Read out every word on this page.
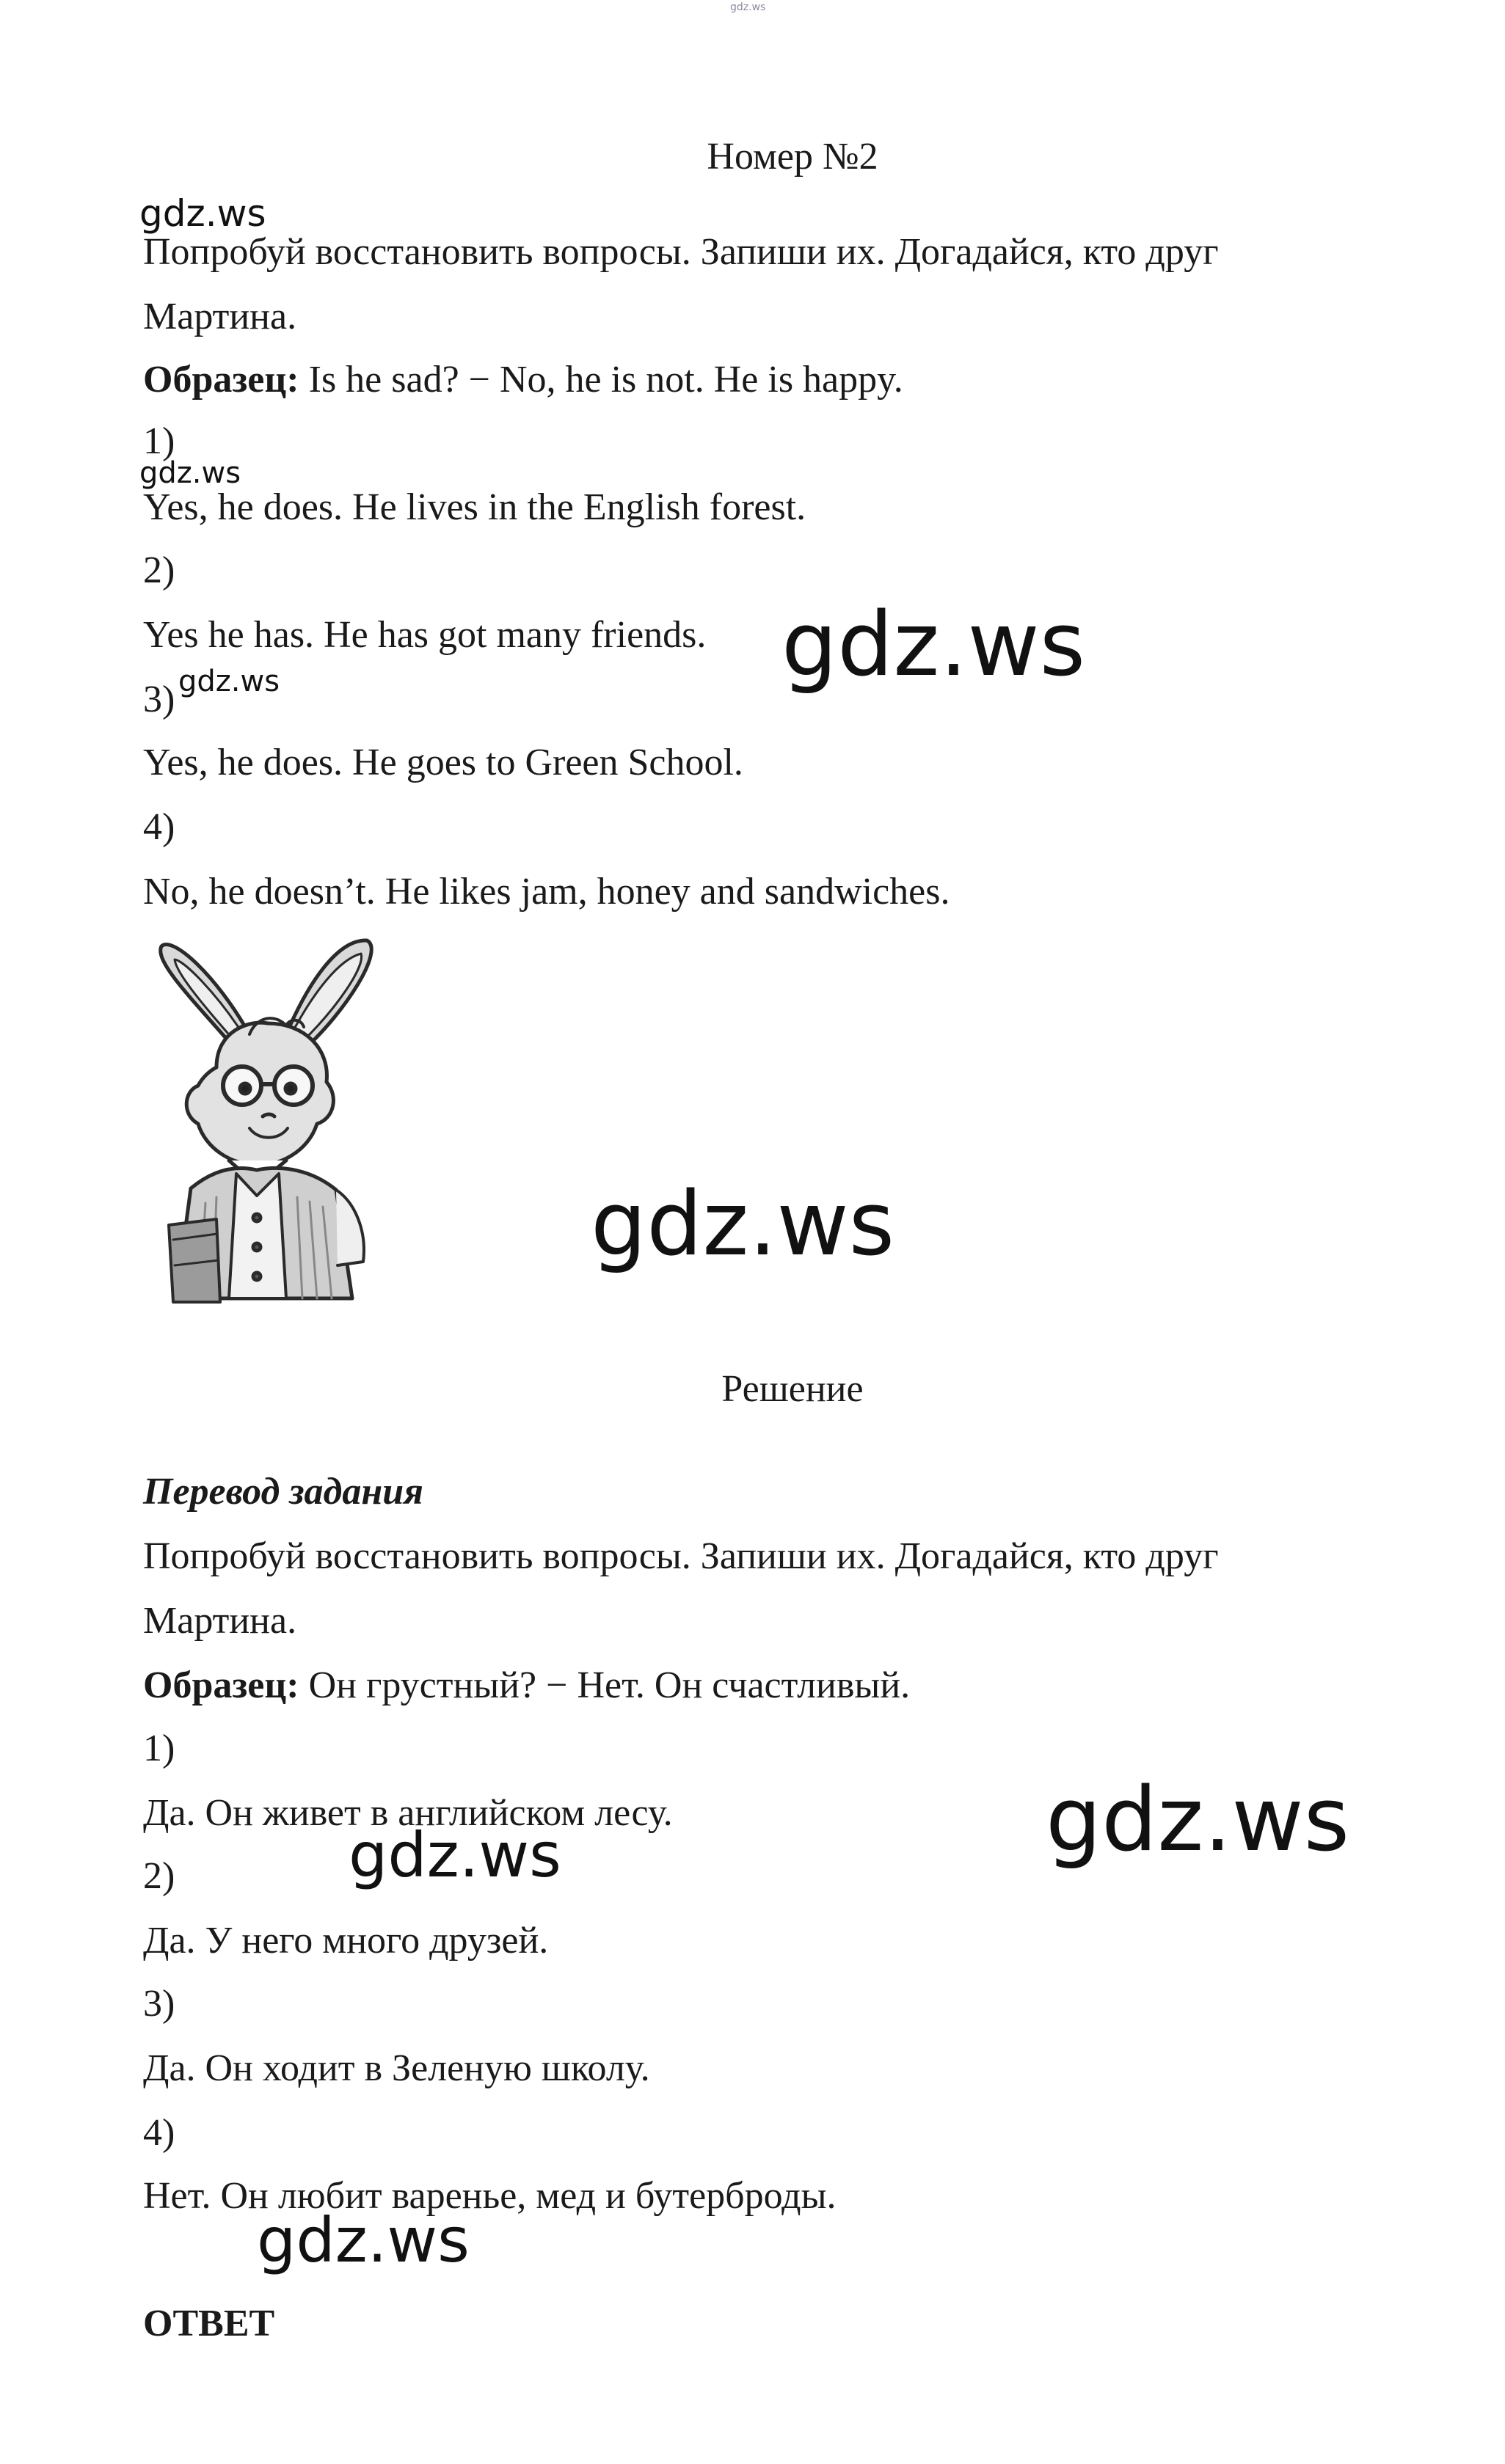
gdz.ws
Номер №2
gdz.ws
Попробуй восстановить вопросы. Запиши их. Догадайся, кто друг
Мартина.
Образец: Is he sad? − No, he is not. He is happy.
1)
gdz.ws
Yes, he does. He lives in the English forest.
2)
Yes he has. He has got many friends. gdz.ws
3) gdz.ws
Yes, he does. He goes to Green School.
4)
No, he doesn’t. He likes jam, honey and sandwiches.
gdz.ws
Решение
Перевод задания
Попробуй восстановить вопросы. Запиши их. Догадайся, кто друг
Мартина.
Образец: Он грустный? − Нет. Он счастливый.
1)
Да. Он живет в английском лесу.	gdz.ws
gdz.ws
2)
Да. У него много друзей.
3)
Да. Он ходит в Зеленую школу.
4)
Нет. Он любит варенье, мед и бутерброды.
gdz.ws
ОТВЕТ
